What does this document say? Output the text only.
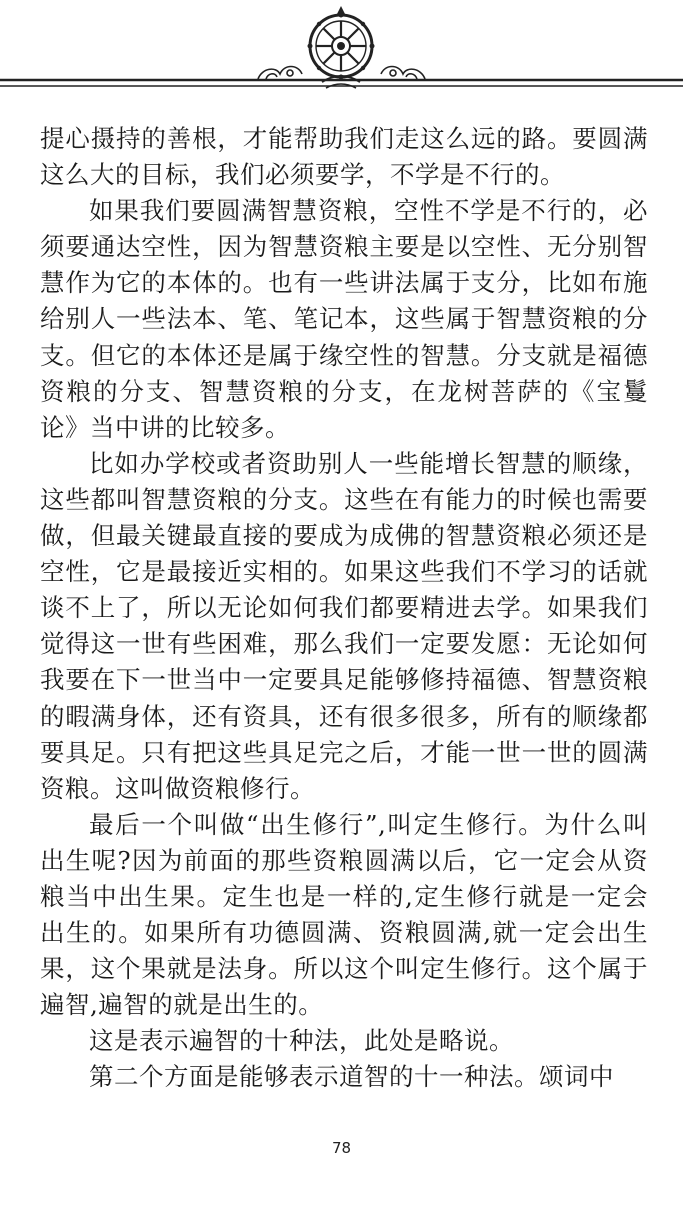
提心摄持的善根，才能帮助我们走这么远的路。要圆满这么大的目标，我们必须要学，不学是不行的。

如果我们要圆满智慧资粮，空性不学是不行的，必须要通达空性，因为智慧资粮主要是以空性、无分别智慧作为它的本体的。也有一些讲法属于支分，比如布施给别人一些法本、笔、笔记本，这些属于智慧资粮的分支。但它的本体还是属于缘空性的智慧。分支就是福德资粮的分支、智慧资粮的分支，在龙树菩萨的《宝鬘论》当中讲的比较多。

比如办学校或者资助别人一些能增长智慧的顺缘，这些都叫智慧资粮的分支。这些在有能力的时候也需要做，但最关键最直接的要成为成佛的智慧资粮必须还是空性，它是最接近实相的。如果这些我们不学习的话就谈不上了，所以无论如何我们都要精进去学。如果我们觉得这一世有些困难，那么我们一定要发愿：无论如何我要在下一世当中一定要具足能够修持福德、智慧资粮的暇满身体，还有资具，还有很多很多，所有的顺缘都要具足。只有把这些具足完之后，才能一世一世的圆满资粮。这叫做资粮修行。

最后一个叫做“出生修行”,叫定生修行。为什么叫出生呢?因为前面的那些资粮圆满以后，它一定会从资粮当中出生果。定生也是一样的,定生修行就是一定会出生的。如果所有功德圆满、资粮圆满,就一定会出生果，这个果就是法身。所以这个叫定生修行。这个属于遍智,遍智的就是出生的。

这是表示遍智的十种法，此处是略说。

第二个方面是能够表示道智的十一种法。颂词中

78
